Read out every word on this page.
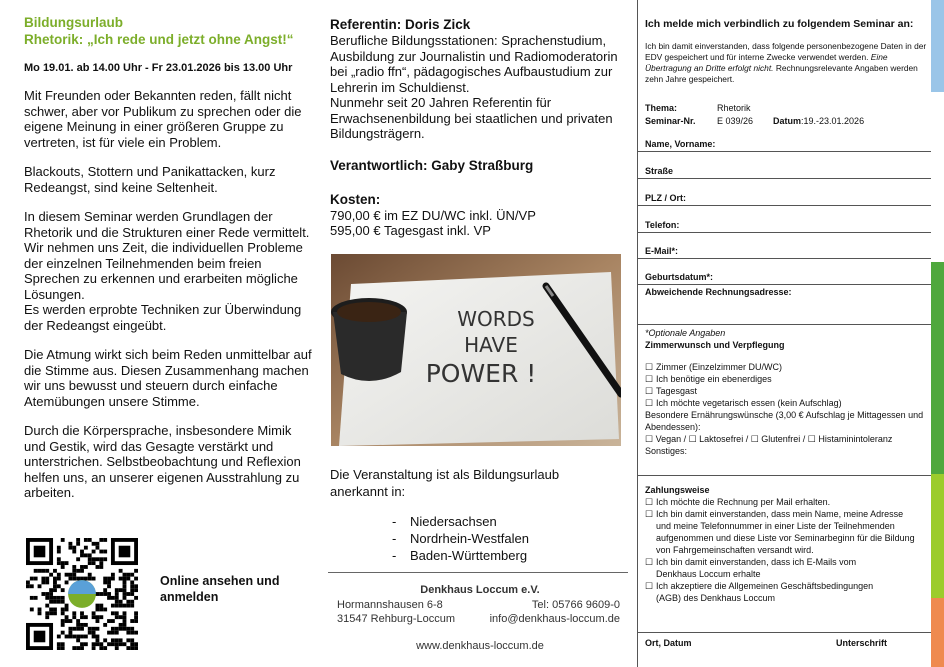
Bildungsurlaub
Rhetorik: „Ich rede und jetzt ohne Angst!“
Mo 19.01. ab 14.00 Uhr - Fr 23.01.2026 bis 13.00 Uhr

Mit Freunden oder Bekannten reden, fällt nicht schwer, aber vor Publikum zu sprechen oder die eigene Meinung in einer größeren Gruppe zu vertreten, ist für viele ein Problem.

Blackouts, Stottern und Panikattacken, kurz Redeangst, sind keine Seltenheit.

In diesem Seminar werden Grundlagen der Rhetorik und die Strukturen einer Rede vermittelt.

Wir nehmen uns Zeit, die individuellen Probleme der einzelnen Teilnehmenden beim freien Sprechen zu erkennen und erarbeiten mögliche Lösungen.

Es werden erprobte Techniken zur Überwindung der Redeangst eingeübt.

Die Atmung wirkt sich beim Reden unmittelbar auf die Stimme aus. Diesen Zusammenhang machen wir uns bewusst und steuern durch einfache Atemübungen unsere Stimme.

Durch die Körpersprache, insbesondere Mimik und Gestik, wird das Gesagte verstärkt und unterstrichen. Selbstbeobachtung und Reflexion helfen uns, an unserer eigenen Ausstrahlung zu arbeiten.

Online ansehen und anmelden
Referentin: Doris Zick

Berufliche Bildungsstationen: Sprachenstudium, Ausbildung zur Journalistin und Radiomoderatorin bei „radio ffn“, pädagogisches Aufbaustudium zur Lehrerin im Schuldienst.

Nunmehr seit 20 Jahren Referentin für Erwachsenenbildung bei staatlichen und privaten Bildungsträgern.

Verantwortlich: Gaby Straßburg
Kosten:
790,00 € im EZ DU/WC inkl. ÜN/VP
595,00 € Tagesgast inkl. VP
WORDS
HAVE
POWER !
Die Veranstaltung ist als Bildungsurlaub anerkannt in:
-	Niedersachsen
-	Nordrhein-Westfalen
-	Baden-Württemberg
Denkhaus Loccum e.V.
Hormannshausen 6-8
31547 Rehburg-Loccum
Tel: 05766 9609-0
info@denkhaus-loccum.de
www.denkhaus-loccum.de
Ich melde mich verbindlich zu folgendem Seminar an:
Ich bin damit einverstanden, dass folgende personenbezogene Daten in der EDV gespeichert und für interne Zwecke verwendet werden. Eine Übertragung an Dritte erfolgt nicht. Rechnungsrelevante Angaben werden zehn Jahre gespeichert.
Thema:	Rhetorik
Seminar-Nr. E 039/26 Datum:19.-23.01.2026
Name, Vorname:
Straße
PLZ / Ort:
Telefon:
E-Mail*:
Geburtsdatum*:
Abweichende Rechnungsadresse:
*Optionale Angaben
Zimmerwunsch und Verpflegung
☐ Zimmer (Einzelzimmer DU/WC)
☐ Ich benötige ein ebenerdiges
☐ Tagesgast
☐ Ich möchte vegetarisch essen (kein Aufschlag)
Besondere Ernährungswünsche (3,00 € Aufschlag je Mittagessen und Abendessen):
☐ Vegan / ☐ Laktosefrei / ☐ Glutenfrei / ☐ Histaminintoleranz
Sonstiges:
Zahlungsweise
☐ Ich möchte die Rechnung per Mail erhalten.
☐ Ich bin damit einverstanden, dass mein Name, meine Adresse und meine Telefonnummer in einer Liste der Teilnehmenden aufgenommen und diese Liste vor Seminarbeginn für die Bildung von Fahrgemeinschaften versandt wird.
☐ Ich bin damit einverstanden, dass ich E-Mails vom
Denkhaus Loccum erhalte
☐ Ich akzeptiere die Allgemeinen Geschäftsbedingungen
(AGB) des Denkhaus Loccum
Ort, Datum	Unterschrift
